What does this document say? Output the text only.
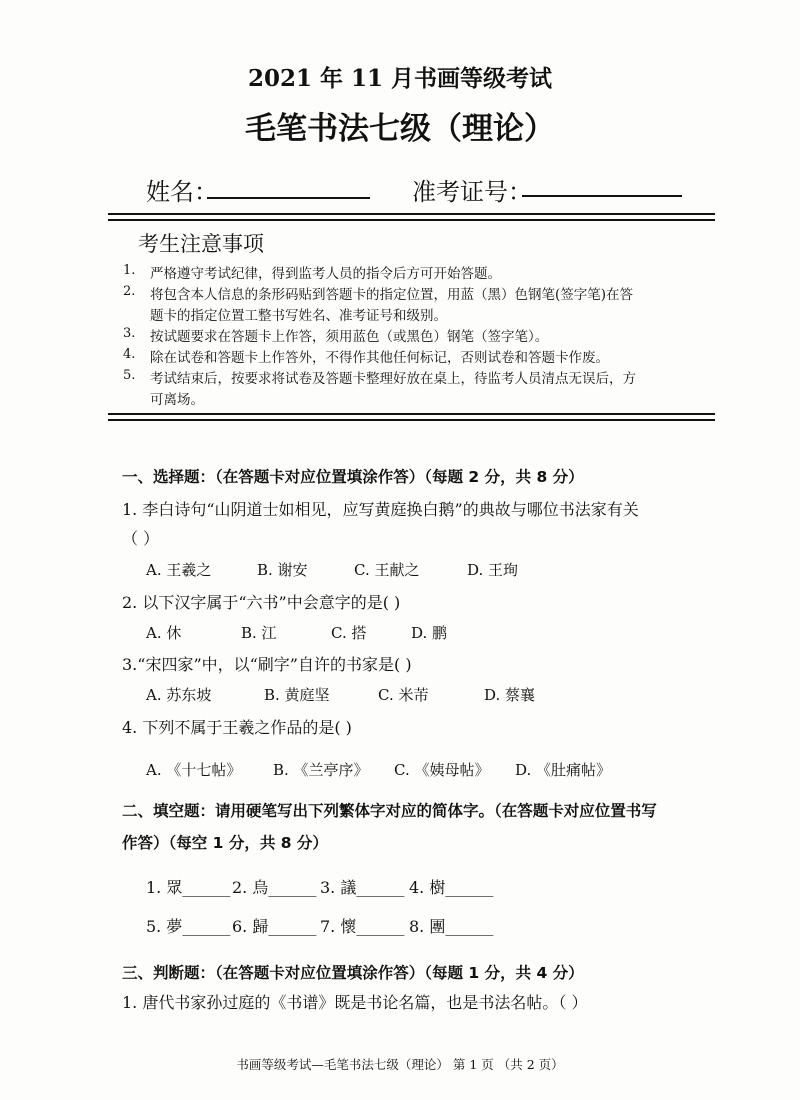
2021 年 11 月书画等级考试
毛笔书法七级（理论）
姓名：	准考证号：
考生注意事项
1. 严格遵守考试纪律，得到监考人员的指令后方可开始答题。
2. 将包含本人信息的条形码贴到答题卡的指定位置，用蓝（黑）色钢笔(签字笔)在答
题卡的指定位置工整书写姓名、准考证号和级别。
3. 按试题要求在答题卡上作答，须用蓝色（或黑色）钢笔（签字笔）。
4. 除在试卷和答题卡上作答外，不得作其他任何标记，否则试卷和答题卡作废。
5. 考试结束后，按要求将试卷及答题卡整理好放在桌上，待监考人员清点无误后，方
可离场。
一、选择题：（在答题卡对应位置填涂作答）（每题 2 分，共 8 分）
1. 李白诗句“山阴道士如相见，应写黄庭换白鹅”的典故与哪位书法家有关
（ ）
A. 王羲之	B. 谢安	C. 王献之	D. 王珣
2. 以下汉字属于“六书”中会意字的是( )
A. 休	B. 江	C. 搭	D. 鹏
3.“宋四家”中，以“刷字”自许的书家是( )
A. 苏东坡	B. 黄庭坚	C. 米芾	D. 蔡襄
4. 下列不属于王羲之作品的是( )
A. 《十七帖》 B. 《兰亭序》 C. 《姨母帖》 D. 《肚痛帖》
二、填空题：请用硬笔写出下列繁体字对应的简体字。（在答题卡对应位置书写
作答）（每空 1 分，共 8 分）
1. 眾______ 2. 烏______ 3. 議______ 4. 樹______
5. 夢______ 6. 歸______ 7. 懷______ 8. 團______
三、判断题：（在答题卡对应位置填涂作答）（每题 1 分，共 4 分）
1. 唐代书家孙过庭的《书谱》既是书论名篇，也是书法名帖。（ ）
书画等级考试—毛笔书法七级（理论） 第 1 页 （共 2 页）
